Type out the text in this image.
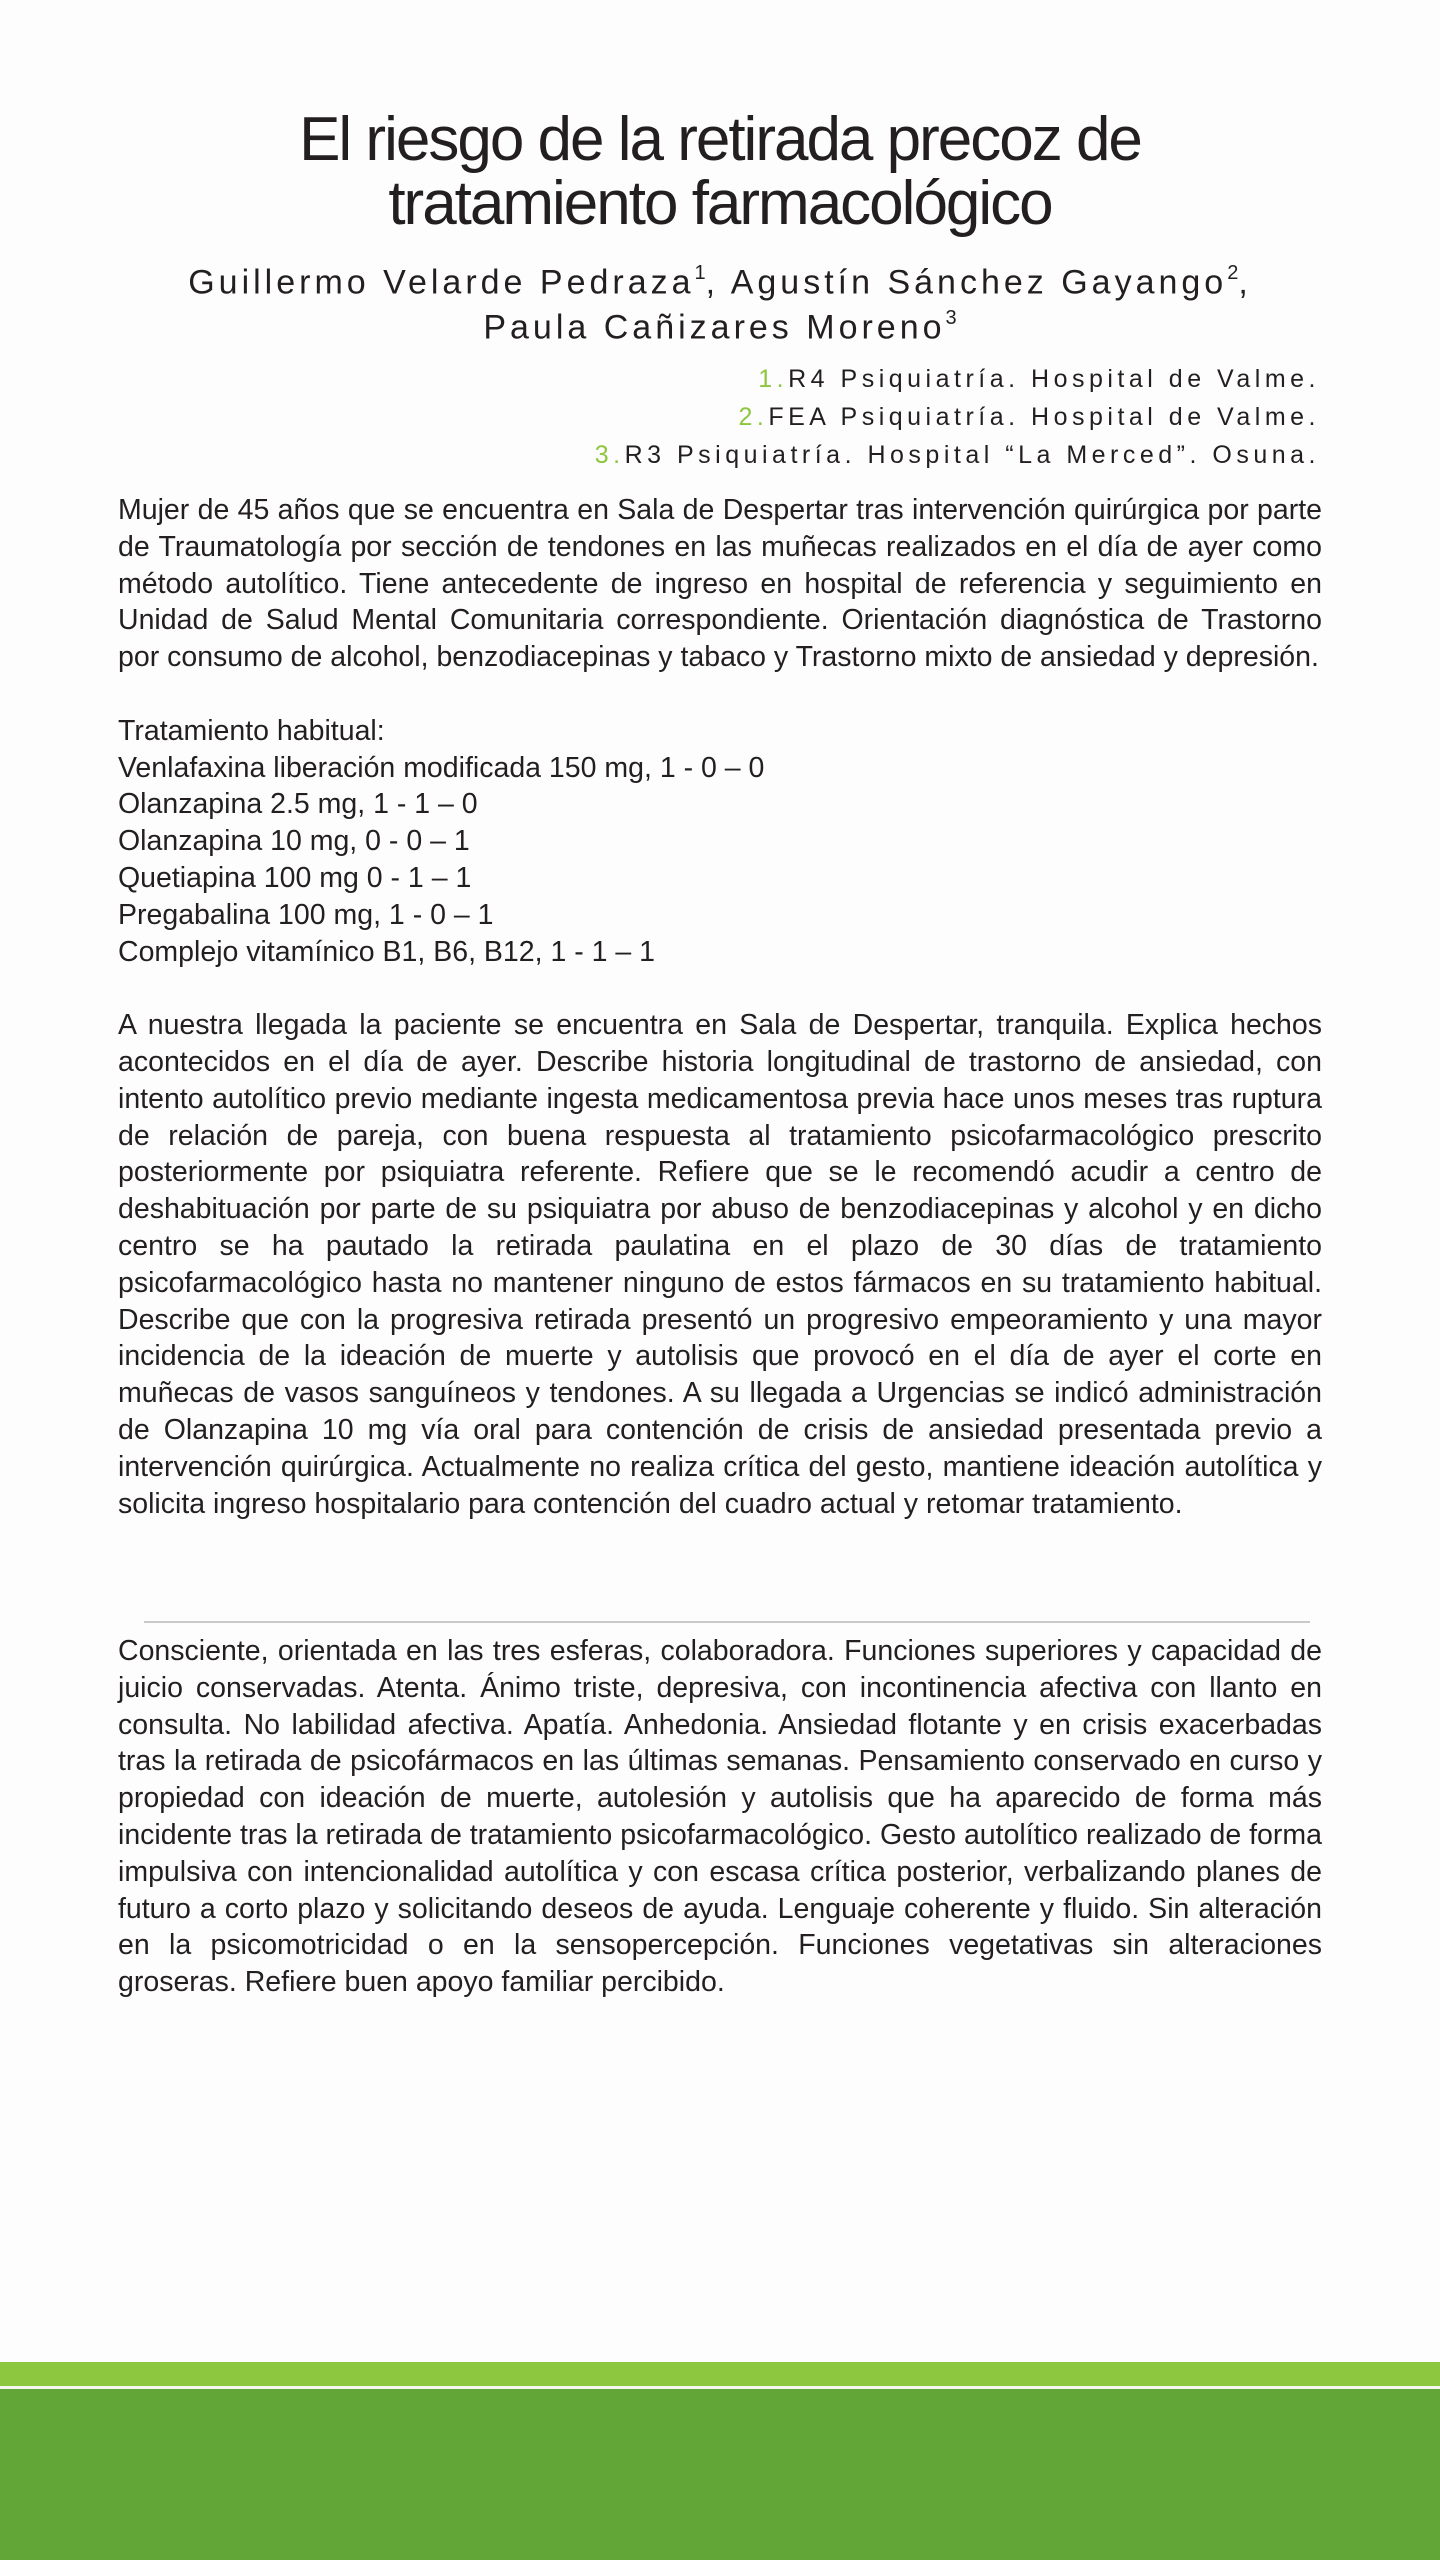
El riesgo de la retirada precoz de
tratamiento farmacológico
Guillermo Velarde Pedraza$^1$, Agustín Sánchez Gayango$^2$,
Paula Cañizares Moreno$^3$
1.R4 Psiquiatría. Hospital de Valme.
2.FEA Psiquiatría. Hospital de Valme.
3.R3 Psiquiatría. Hospital “La Merced”. Osuna.

Mujer de 45 años que se encuentra en Sala de Despertar tras intervención quirúrgica por parte de Traumatología por sección de tendones en las muñecas realizados en el día de ayer como método autolítico. Tiene antecedente de ingreso en hospital de referencia y seguimiento en Unidad de Salud Mental Comunitaria correspondiente. Orientación diagnóstica de Trastorno por consumo de alcohol, benzodiacepinas y tabaco y Trastorno mixto de ansiedad y depresión.

Tratamiento habitual:

Venlafaxina liberación modificada 150 mg, 1 - 0 – 0

Olanzapina 2.5 mg, 1 - 1 – 0

Olanzapina 10 mg, 0 - 0 – 1

Quetiapina 100 mg 0 - 1 – 1

Pregabalina 100 mg, 1 - 0 – 1

Complejo vitamínico B1, B6, B12, 1 - 1 – 1

A nuestra llegada la paciente se encuentra en Sala de Despertar, tranquila. Explica hechos acontecidos en el día de ayer. Describe historia longitudinal de trastorno de ansiedad, con intento autolítico previo mediante ingesta medicamentosa previa hace unos meses tras ruptura de relación de pareja, con buena respuesta al tratamiento psicofarmacológico prescrito posteriormente por psiquiatra referente. Refiere que se le recomendó acudir a centro de deshabituación por parte de su psiquiatra por abuso de benzodiacepinas y alcohol y en dicho centro se ha pautado la retirada paulatina en el plazo de 30 días de tratamiento psicofarmacológico hasta no mantener ninguno de estos fármacos en su tratamiento habitual. Describe que con la progresiva retirada presentó un progresivo empeoramiento y una mayor incidencia de la ideación de muerte y autolisis que provocó en el día de ayer el corte en muñecas de vasos sanguíneos y tendones. A su llegada a Urgencias se indicó administración de Olanzapina 10 mg vía oral para contención de crisis de ansiedad presentada previo a intervención quirúrgica. Actualmente no realiza crítica del gesto, mantiene ideación autolítica y solicita ingreso hospitalario para contención del cuadro actual y retomar tratamiento.

Consciente, orientada en las tres esferas, colaboradora. Funciones superiores y capacidad de juicio conservadas. Atenta. Ánimo triste, depresiva, con incontinencia afectiva con llanto en consulta. No labilidad afectiva. Apatía. Anhedonia. Ansiedad flotante y en crisis exacerbadas tras la retirada de psicofármacos en las últimas semanas. Pensamiento conservado en curso y propiedad con ideación de muerte, autolesión y autolisis que ha aparecido de forma más incidente tras la retirada de tratamiento psicofarmacológico. Gesto autolítico realizado de forma impulsiva con intencionalidad autolítica y con escasa crítica posterior, verbalizando planes de futuro a corto plazo y solicitando deseos de ayuda. Lenguaje coherente y fluido. Sin alteración en la psicomotricidad o en la sensopercepción. Funciones vegetativas sin alteraciones groseras. Refiere buen apoyo familiar percibido.
